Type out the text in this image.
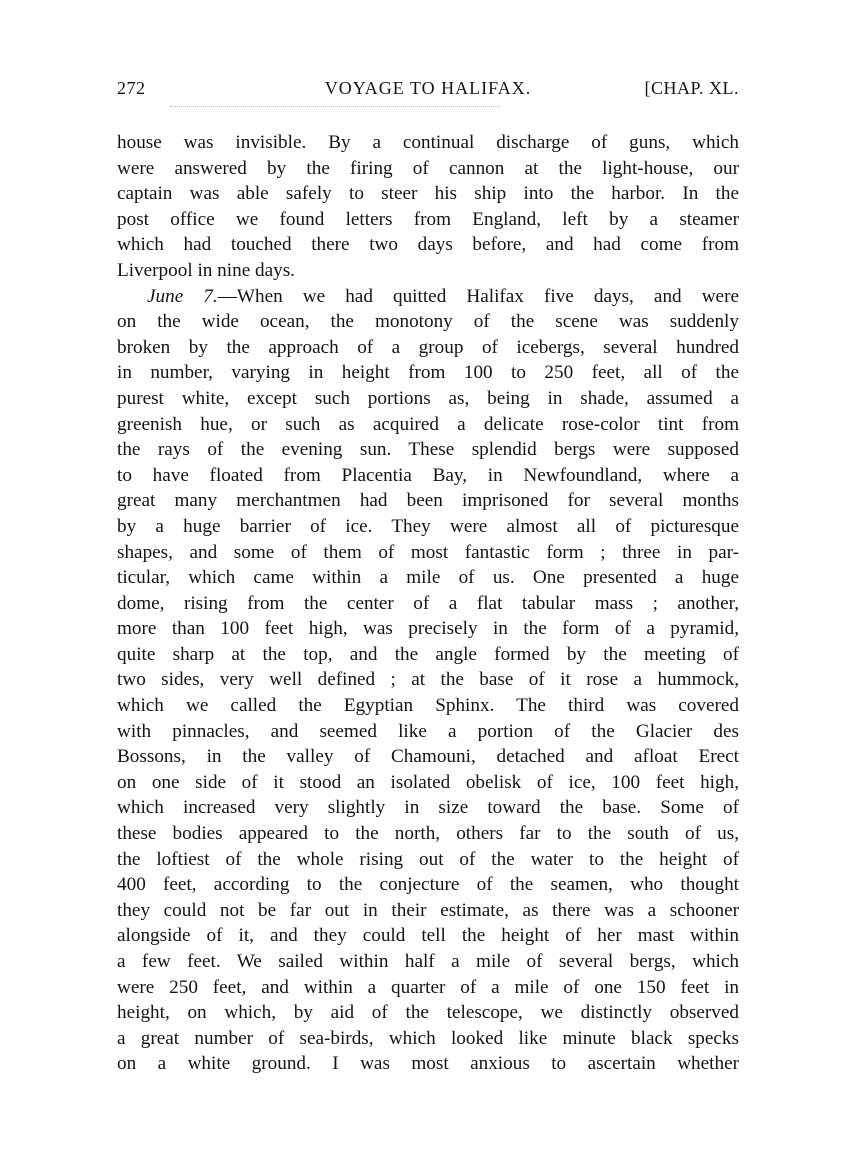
272	VOYAGE TO HALIFAX.	[CHAP. XL.
house was invisible. By a continual discharge of guns, which
were answered by the firing of cannon at the light-house, our
captain was able safely to steer his ship into the harbor. In the
post office we found letters from England, left by a steamer
which had touched there two days before, and had come from
Liverpool in nine days.
June 7.—When we had quitted Halifax five days, and were
on the wide ocean, the monotony of the scene was suddenly
broken by the approach of a group of icebergs, several hundred
in number, varying in height from 100 to 250 feet, all of the
purest white, except such portions as, being in shade, assumed a
greenish hue, or such as acquired a delicate rose-color tint from
the rays of the evening sun. These splendid bergs were supposed
to have floated from Placentia Bay, in Newfoundland, where a
great many merchantmen had been imprisoned for several months
by a huge barrier of ice. They were almost all of picturesque
shapes, and some of them of most fantastic form ; three in par-
ticular, which came within a mile of us. One presented a huge
dome, rising from the center of a flat tabular mass ; another,
more than 100 feet high, was precisely in the form of a pyramid,
quite sharp at the top, and the angle formed by the meeting of
two sides, very well defined ; at the base of it rose a hummock,
which we called the Egyptian Sphinx. The third was covered
with pinnacles, and seemed like a portion of the Glacier des
Bossons, in the valley of Chamouni, detached and afloat Erect
on one side of it stood an isolated obelisk of ice, 100 feet high,
which increased very slightly in size toward the base. Some of
these bodies appeared to the north, others far to the south of us,
the loftiest of the whole rising out of the water to the height of
400 feet, according to the conjecture of the seamen, who thought
they could not be far out in their estimate, as there was a schooner
alongside of it, and they could tell the height of her mast within
a few feet. We sailed within half a mile of several bergs, which
were 250 feet, and within a quarter of a mile of one 150 feet in
height, on which, by aid of the telescope, we distinctly observed
a great number of sea-birds, which looked like minute black specks
on a white ground. I was most anxious to ascertain whether
